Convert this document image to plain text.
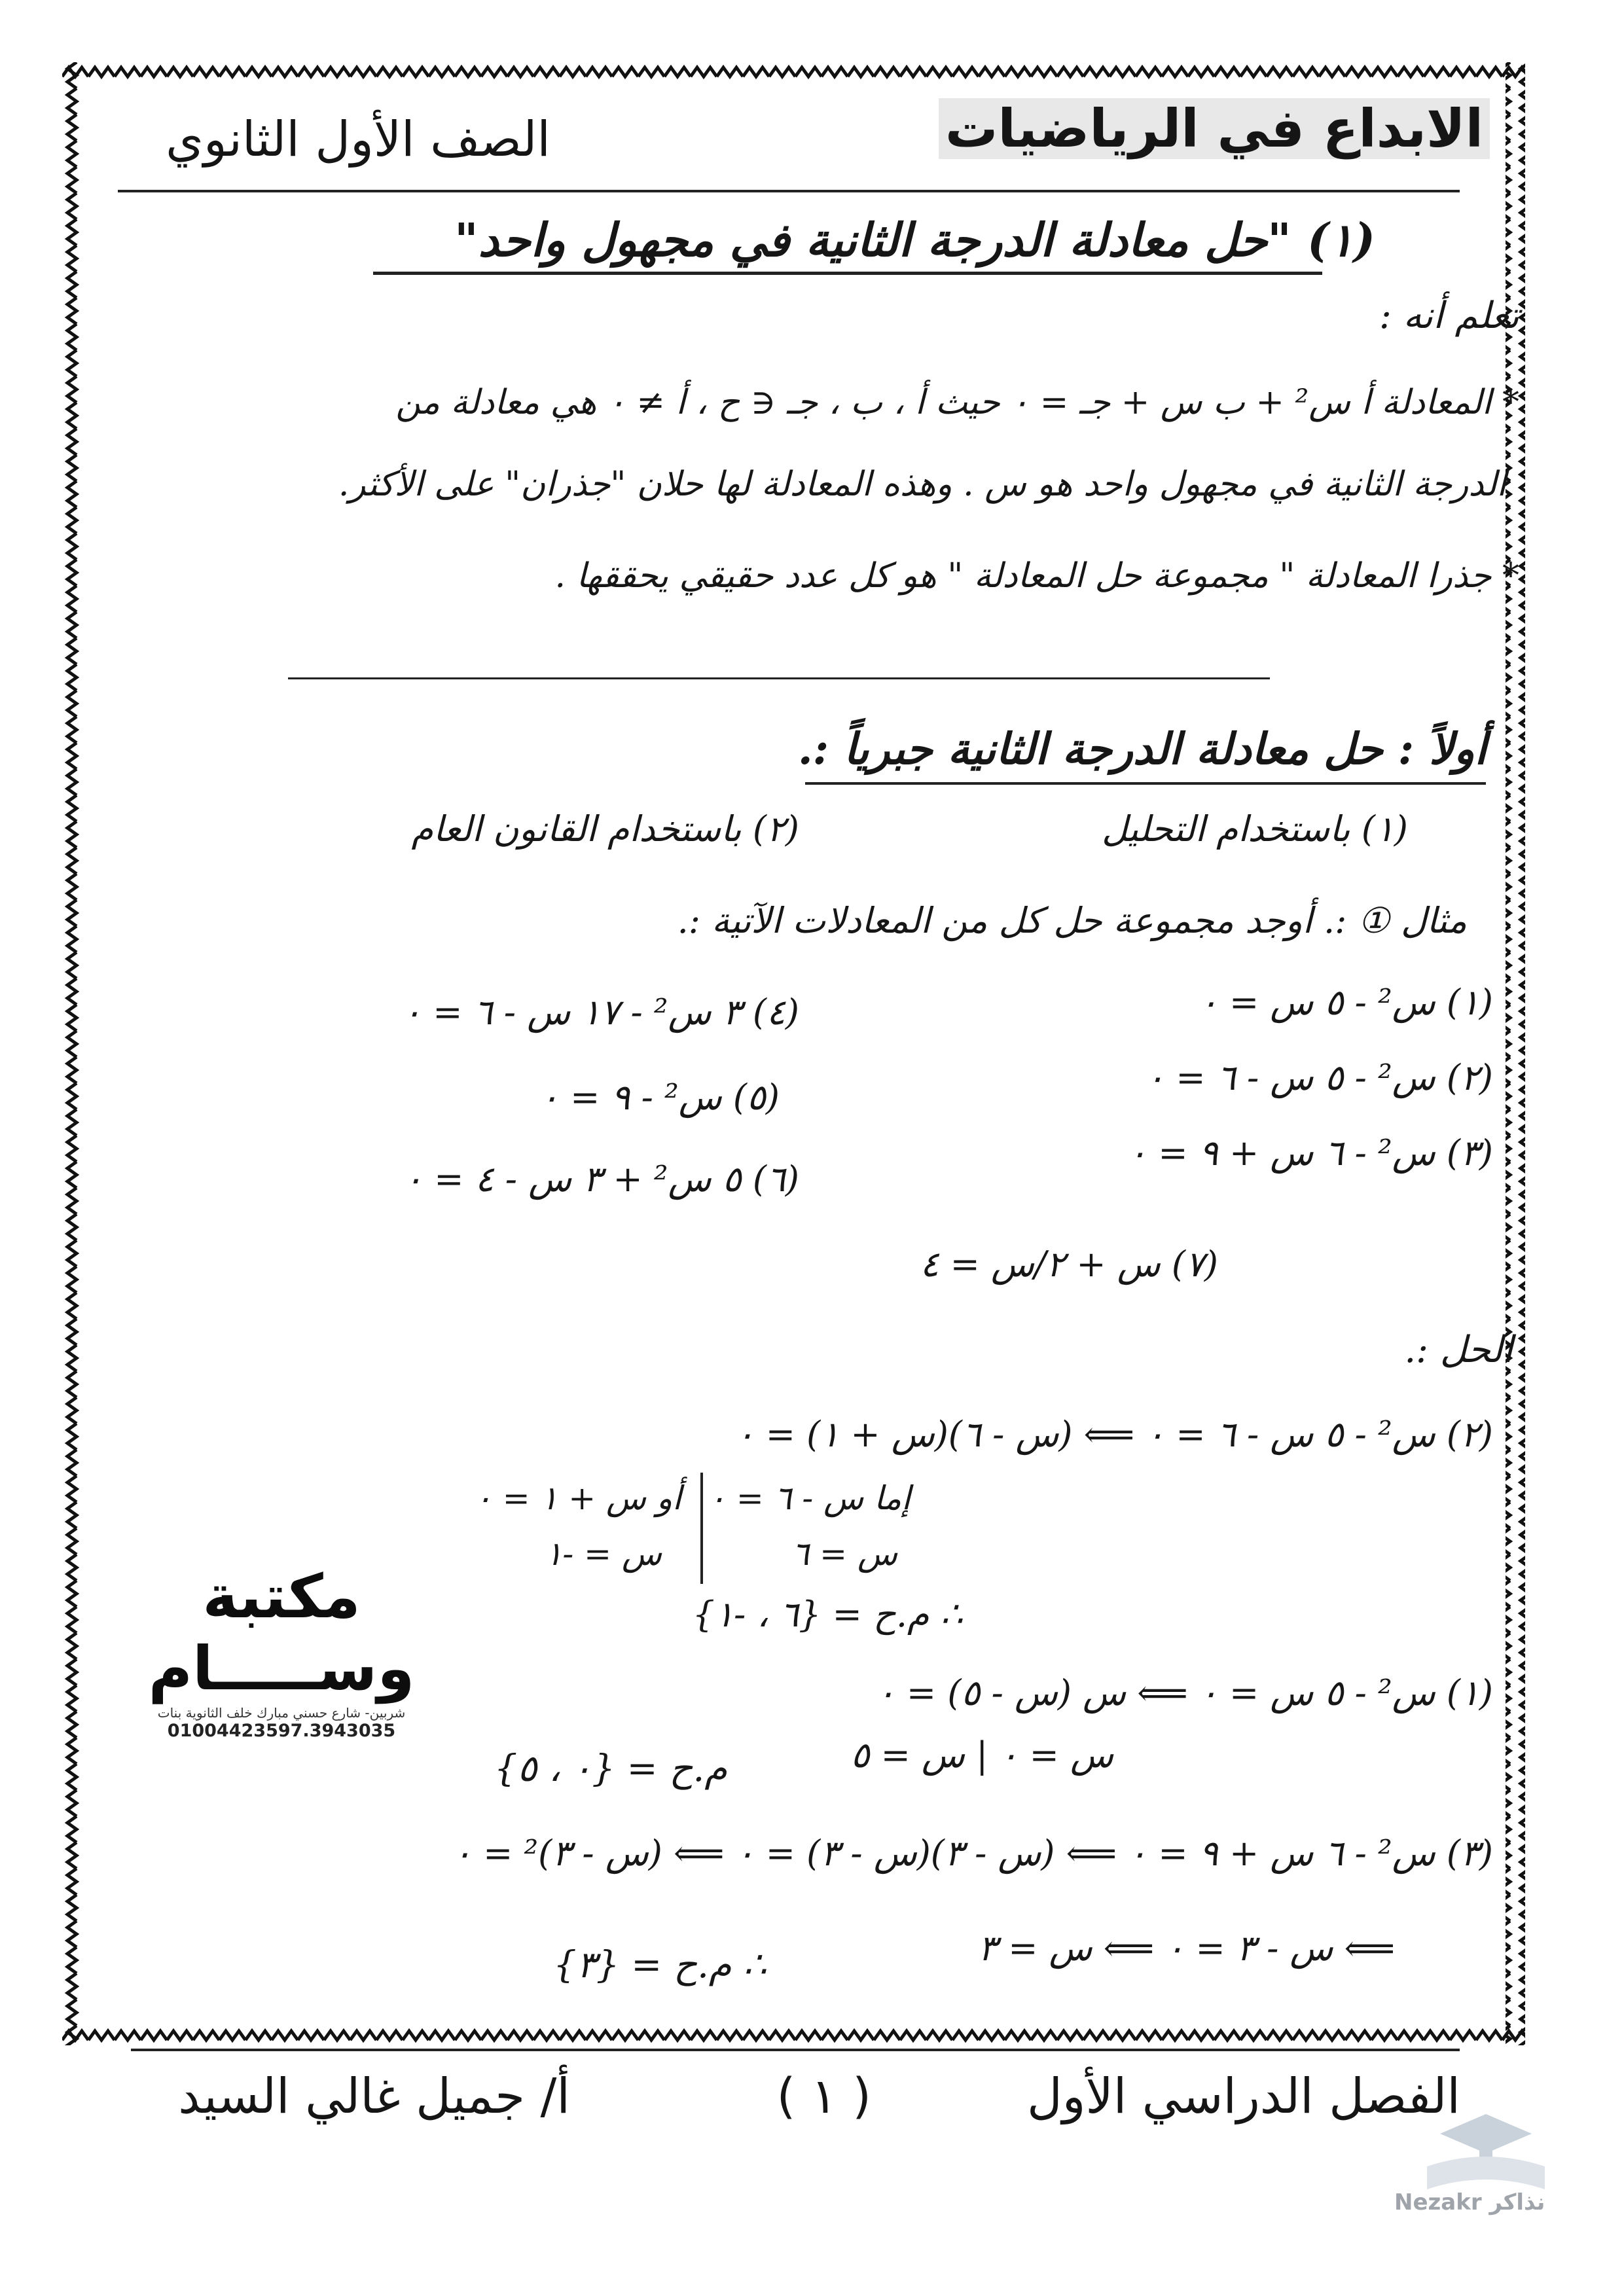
الابداع في الرياضيات
الصف الأول الثانوي
(١) "حل معادلة الدرجة الثانية في مجهول واحد"
تعلم أنه :
* المعادلة أ س² + ب س + جـ = ٠ حيث أ ، ب ، جـ ∈ ح ، أ ≠ ٠ هي معادلة من
الدرجة الثانية في مجهول واحد هو س . وهذه المعادلة لها حلان "جذران" على الأكثر.
* جذرا المعادلة " مجموعة حل المعادلة " هو كل عدد حقيقي يحققها .
أولاً : حل معادلة الدرجة الثانية جبرياً :.
(١) باستخدام التحليل
(٢) باستخدام القانون العام
مثال ① :. أوجد مجموعة حل كل من المعادلات الآتية :.
(١) س² - ٥ س = ٠
(٢) س² - ٥ س - ٦ = ٠
(٣) س² - ٦ س + ٩ = ٠
(٤) ٣ س² - ١٧ س - ٦ = ٠
(٥) س² - ٩ = ٠
(٦) ٥ س² + ٣ س - ٤ = ٠
(٧) س + ٢/س = ٤
الحل :.
(٢) س² - ٥ س - ٦ = ٠ ⟸ (س - ٦)(س + ١) = ٠
إما س - ٦ = ٠
س = ٦
أو س + ١ = ٠
س = -١
∴ م.ح = {٦ ، -١}
(١) س² - ٥ س = ٠ ⟸ س (س - ٥) = ٠
س = ٠ | س = ٥
م.ح = {٠ ، ٥}
(٣) س² - ٦ س + ٩ = ٠ ⟸ (س - ٣)(س - ٣) = ٠ ⟸ (س - ٣)² = ٠
⟸ س - ٣ = ٠ ⟸ س = ٣
∴ م.ح = {٣}
مكتبة وســـــام
شربين- شارع حسني مبارك خلف الثانوية بنات
01004423597.3943035
الفصل الدراسي الأول
( ١ )
أ/ جميل غالي السيد
Nezakr نذاكر
